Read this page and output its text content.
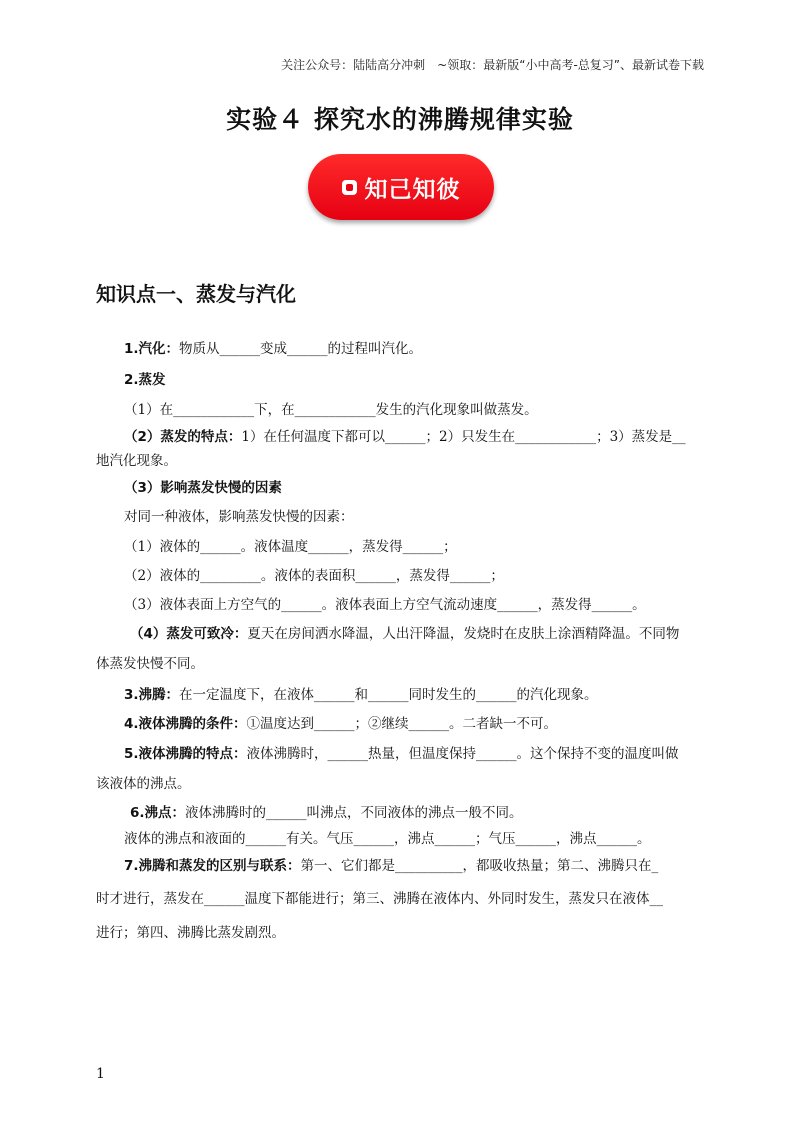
关注公众号：陆陆高分冲刺　~领取：最新版“小中高考-总复习”、最新试卷下载
实验４ 探究水的沸腾规律实验
知己知彼
知识点一、蒸发与汽化
1.汽化：物质从______变成______的过程叫汽化。
2.蒸发
（1）在____________下，在____________发生的汽化现象叫做蒸发。
（2）蒸发的特点：1）在任何温度下都可以______；2）只发生在____________；3）蒸发是__
地汽化现象。
（3）影响蒸发快慢的因素
对同一种液体，影响蒸发快慢的因素：
（1）液体的______。液体温度______，蒸发得______；
（2）液体的_________。液体的表面积______，蒸发得______；
（3）液体表面上方空气的______。液体表面上方空气流动速度______，蒸发得______。
（4）蒸发可致冷：夏天在房间洒水降温，人出汗降温，发烧时在皮肤上涂酒精降温。不同物
体蒸发快慢不同。
3.沸腾：在一定温度下，在液体______和______同时发生的______的汽化现象。
4.液体沸腾的条件：①温度达到______；②继续______。二者缺一不可。
5.液体沸腾的特点：液体沸腾时，______热量，但温度保持______。这个保持不变的温度叫做
该液体的沸点。
6.沸点：液体沸腾时的______叫沸点，不同液体的沸点一般不同。
液体的沸点和液面的______有关。气压______，沸点______；气压______，沸点______。
7.沸腾和蒸发的区别与联系：第一、它们都是__________，都吸收热量；第二、沸腾只在_
时才进行，蒸发在______温度下都能进行；第三、沸腾在液体内、外同时发生，蒸发只在液体__
进行；第四、沸腾比蒸发剧烈。
1
